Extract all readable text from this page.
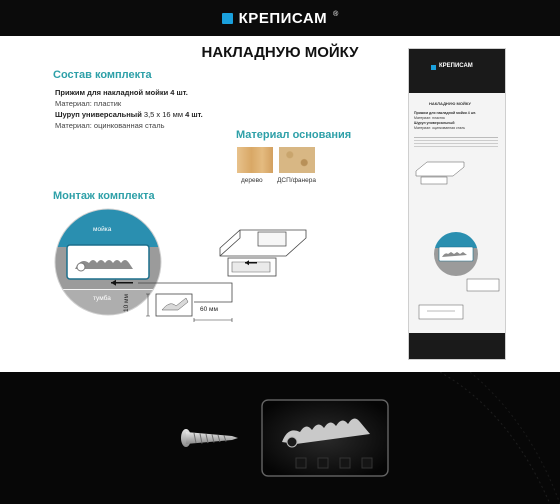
КРЕПИСАМ ®
НАКЛАДНУЮ МОЙКУ
Состав комплекта
Прижим для накладной мойки 4 шт.
Материал: пластик
Шуруп универсальный 3,5 х 16 мм 4 шт.
Материал: оцинкованная сталь
Материал основания
дерево ДСП/фанера
Монтаж комплекта
мойка
тумба 10 мм	60 мм
КРЕПИСАМ
НАКЛАДНУЮ МОЙКУ
Прижим для накладной мойки 4 шт.
Материал: пластик
Шуруп универсальный
Материал: оцинкованная сталь
